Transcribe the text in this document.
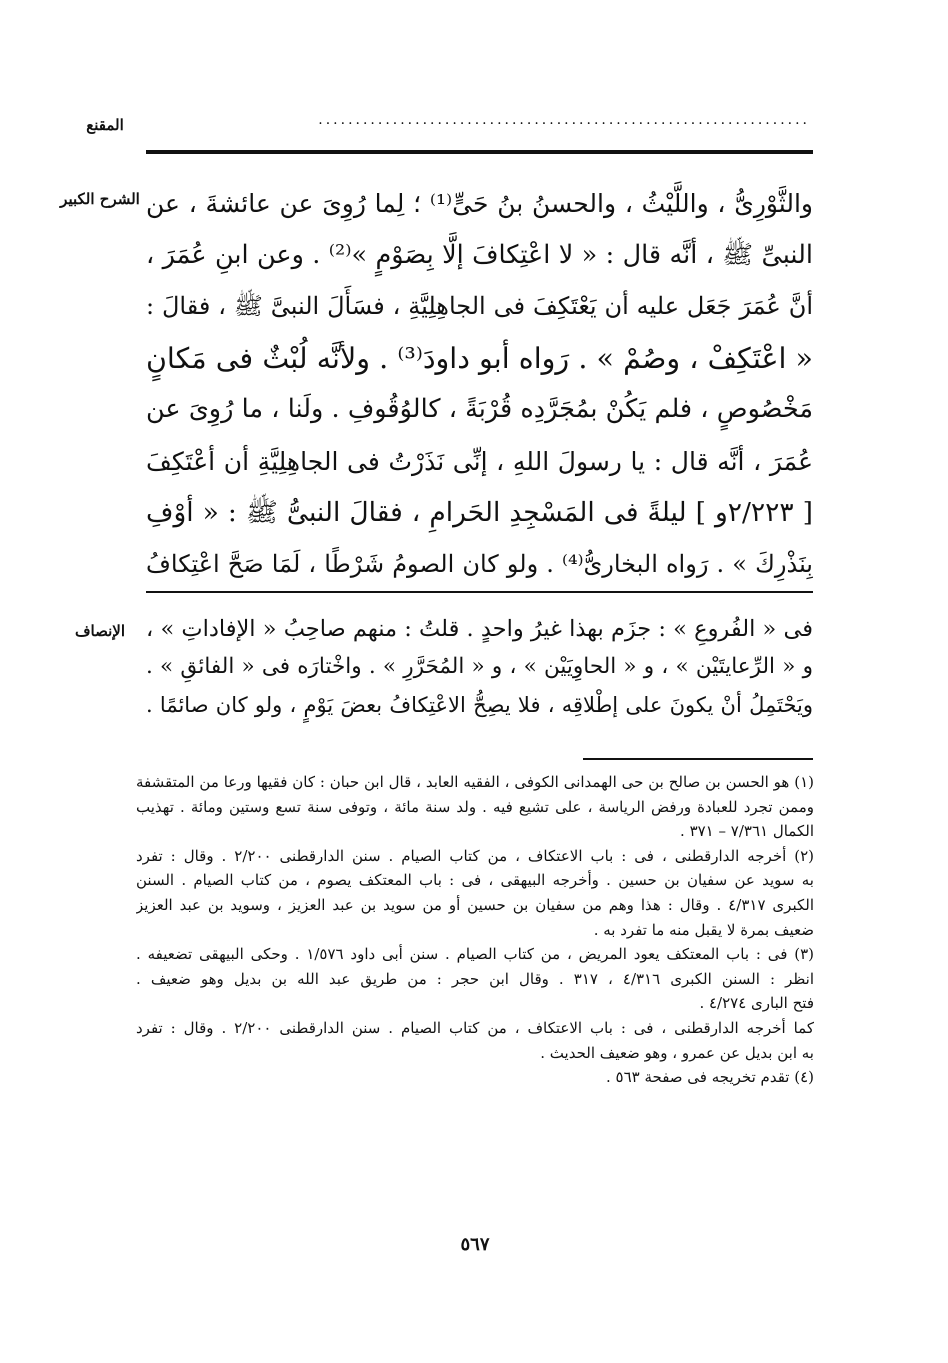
المقنع	··································································
الشرح الكبير
الإنصاف
والثَّوْرِىُّ ، واللَّيْثُ ، والحسنُ بنُ حَىٍّ⁽¹⁾ ؛ لِما رُوِىَ عن عائشةَ ، عن
النبىِّ ﷺ ، أنَّه قال : « لا اعْتِكافَ إلَّا بِصَوْمٍ »⁽²⁾ . وعن ابنِ عُمَرَ ،
أنَّ عُمَرَ جَعَل عليه أن يَعْتَكِفَ فى الجاهِلِيَّةِ ، فسَأَلَ النبىَّ ﷺ ، فقالَ :
« اعْتَكِفْ ، وصُمْ » . رَواه أبو داودَ⁽³⁾ . ولأنَّه لُبْثٌ فى مَكانٍ
مَخْصُوصٍ ، فلم يَكُنْ بمُجَرَّدِه قُرْبَةً ، كالوُقُوفِ . ولَنا ، ما رُوِىَ عن
عُمَرَ ، أنَّه قال : يا رسولَ اللهِ ، إنِّى نَذَرْتُ فى الجاهِلِيَّةِ أن أعْتَكِفَ
[ ٢/٢٢٣و ] ليلةً فى المَسْجِدِ الحَرامِ ، فقالَ النبىُّ ﷺ : « أوْفِ
بِنَذْرِكَ » . رَواه البخارىُّ⁽⁴⁾ . ولو كان الصومُ شَرْطًا ، لَمَا صَحَّ اعْتِكافُ
فى « الفُروعِ » : جزَم بهذا غيرُ واحدٍ . قلتُ : منهم صاحِبُ « الإفاداتِ » ،
و « الرِّعايتَيْن » ، و « الحاوِيَيْن » ، و « المُحَرَّرِ » . واخْتارَه فى « الفائقِ » .
ويَحْتَمِلُ أنْ يكونَ على إطْلاقِه ، فلا يصِحُّ الاعْتِكافُ بعضَ يَوْمٍ ، ولو كان صائمًا .
(١) هو الحسن بن صالح بن حى الهمدانى الكوفى ، الفقيه العابد ، قال ابن حبان : كان فقيها ورعا من المتقشفة
وممن تجرد للعبادة ورفض الرياسة ، على تشيع فيه . ولد سنة مائة ، وتوفى سنة تسع وستين ومائة . تهذيب
الكمال ٧/٣٦١ – ٣٧١ .
(٢) أخرجه الدارقطنى ، فى : باب الاعتكاف ، من كتاب الصيام . سنن الدارقطنى ٢/٢٠٠ . وقال : تفرد
به سويد عن سفيان بن حسين . وأخرجه البيهقى ، فى : باب المعتكف يصوم ، من كتاب الصيام . السنن
الكبرى ٤/٣١٧ . وقال : هذا وهم من سفيان بن حسين أو من سويد بن عبد العزيز ، وسويد بن عبد العزيز
ضعيف بمرة لا يقبل منه ما تفرد به .
(٣) فى : باب المعتكف يعود المريض ، من كتاب الصيام . سنن أبى داود ١/٥٧٦ . وحكى البيهقى تضعيفه .
انظر : السنن الكبرى ٤/٣١٦ ، ٣١٧ . وقال ابن حجر : من طريق عبد الله بن بديل وهو ضعيف .
فتح البارى ٤/٢٧٤ .
كما أخرجه الدارقطنى ، فى : باب الاعتكاف ، من كتاب الصيام . سنن الدارقطنى ٢/٢٠٠ . وقال : تفرد
به ابن بديل عن عمرو ، وهو ضعيف الحديث .
(٤) تقدم تخريجه فى صفحة ٥٦٣ .
٥٦٧
